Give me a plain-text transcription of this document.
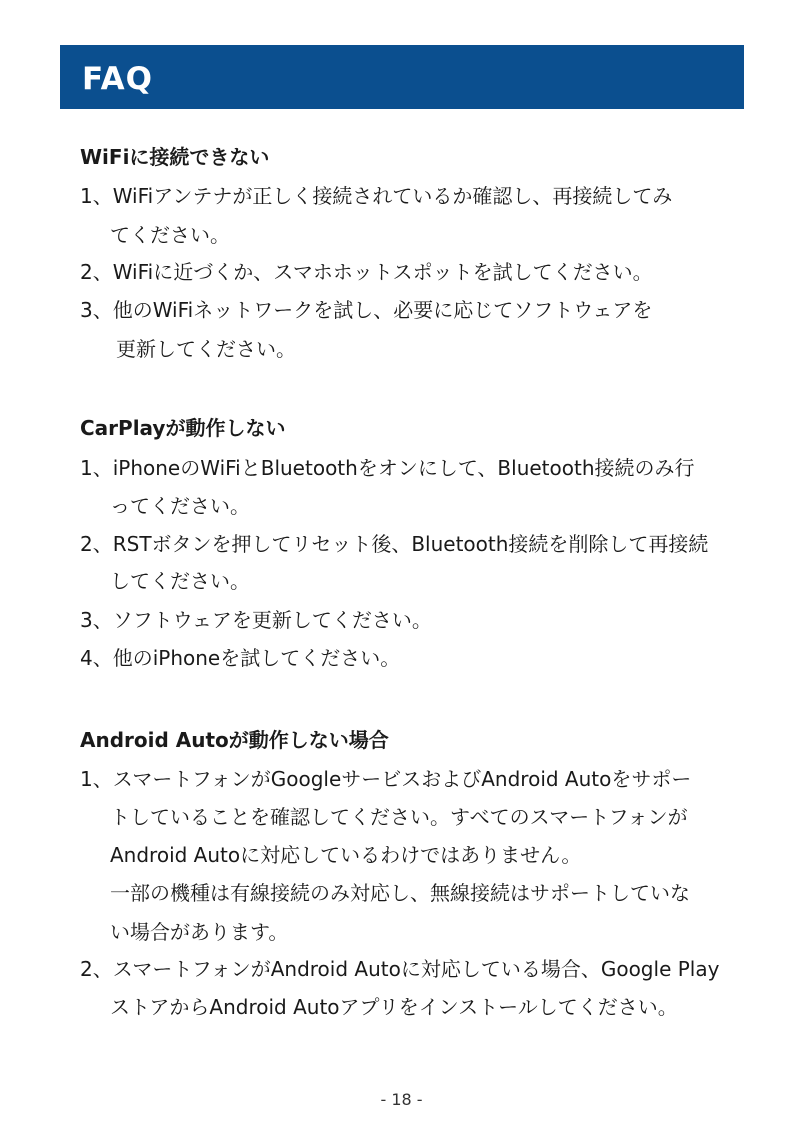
FAQ
WiFiに接続できない
1、WiFiアンテナが正しく接続されているか確認し、再接続してみ
てください。
2、WiFiに近づくか、スマホホットスポットを試してください。
3、他のWiFiネットワークを試し、必要に応じてソフトウェアを
更新してください。
CarPlayが動作しない
1、iPhoneのWiFiとBluetoothをオンにして、Bluetooth接続のみ行
ってください。
2、RSTボタンを押してリセット後、Bluetooth接続を削除して再接続
してください。
3、ソフトウェアを更新してください。
4、他のiPhoneを試してください。
Android Autoが動作しない場合
1、スマートフォンがGoogleサービスおよびAndroid Autoをサポー
トしていることを確認してください。すべてのスマートフォンが
Android Autoに対応しているわけではありません。
一部の機種は有線接続のみ対応し、無線接続はサポートしていな
い場合があります。
2、スマートフォンがAndroid Autoに対応している場合、Google Play
ストアからAndroid Autoアプリをインストールしてください。
- 18 -
